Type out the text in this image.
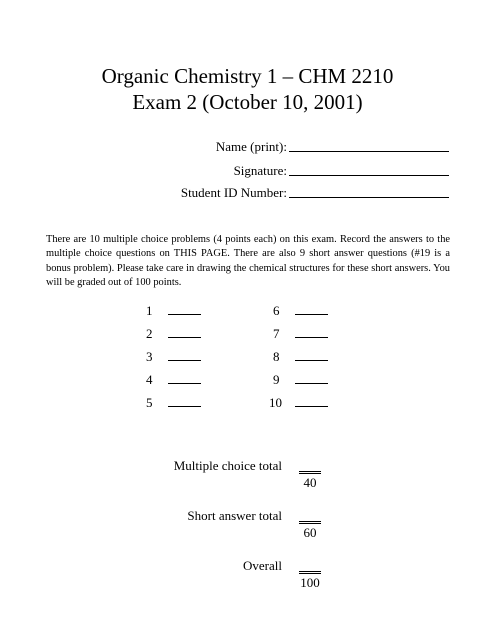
Organic Chemistry 1 – CHM 2210
Exam 2 (October 10, 2001)
Name (print):
Signature:
Student ID Number:
There are 10 multiple choice problems (4 points each) on this exam. Record the answers to the multiple choice questions on THIS PAGE. There are also 9 short answer questions (#19 is a bonus problem). Please take care in drawing the chemical structures for these short answers. You will be graded out of 100 points.
1
2
3
4
5
6
7
8
9
10
Multiple choice total
40
Short answer total
60
Overall
100
